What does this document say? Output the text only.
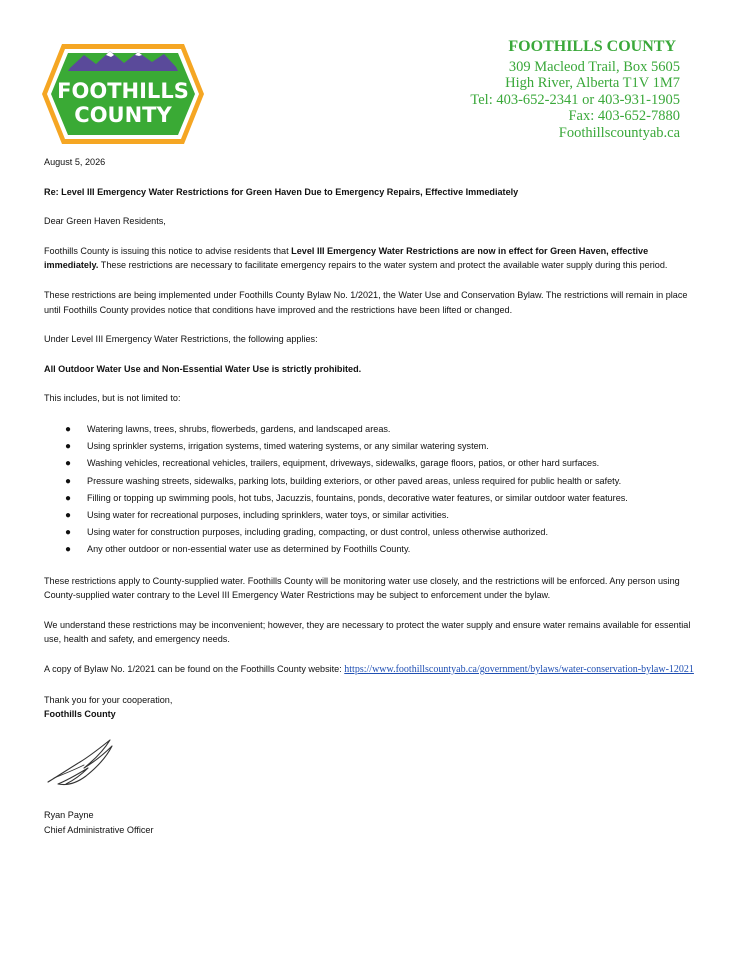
FOOTHILLS
COUNTY
FOOTHILLS COUNTY
309 Macleod Trail, Box 5605
High River, Alberta T1V 1M7
Tel: 403-652-2341 or 403-931-1905
Fax: 403-652-7880
Foothillscountyab.ca

August 5, 2026

Re: Level III Emergency Water Restrictions for Green Haven Due to Emergency Repairs, Effective Immediately

Dear Green Haven Residents,

Foothills County is issuing this notice to advise residents that Level III Emergency Water Restrictions are now in effect for Green Haven, effective immediately. These restrictions are necessary to facilitate emergency repairs to the water system and protect the available water supply during this period.

These restrictions are being implemented under Foothills County Bylaw No. 1/2021, the Water Use and Conservation Bylaw. The restrictions will remain in place until Foothills County provides notice that conditions have improved and the restrictions have been lifted or changed.

Under Level III Emergency Water Restrictions, the following applies:

All Outdoor Water Use and Non-Essential Water Use is strictly prohibited.

This includes, but is not limited to:

● Watering lawns, trees, shrubs, flowerbeds, gardens, and landscaped areas.
● Using sprinkler systems, irrigation systems, timed watering systems, or any similar watering system.
● Washing vehicles, recreational vehicles, trailers, equipment, driveways, sidewalks, garage floors, patios, or other hard surfaces.
● Pressure washing streets, sidewalks, parking lots, building exteriors, or other paved areas, unless required for public health or safety.
● Filling or topping up swimming pools, hot tubs, Jacuzzis, fountains, ponds, decorative water features, or similar outdoor water features.
● Using water for recreational purposes, including sprinklers, water toys, or similar activities.
● Using water for construction purposes, including grading, compacting, or dust control, unless otherwise authorized.
● Any other outdoor or non-essential water use as determined by Foothills County.

These restrictions apply to County-supplied water. Foothills County will be monitoring water use closely, and the restrictions will be enforced. Any person using County-supplied water contrary to the Level III Emergency Water Restrictions may be subject to enforcement under the bylaw.

We understand these restrictions may be inconvenient; however, they are necessary to protect the water supply and ensure water remains available for essential use, health and safety, and emergency needs.

A copy of Bylaw No. 1/2021 can be found on the Foothills County website: https://www.foothillscountyab.ca/government/bylaws/water-conservation-bylaw-12021

Thank you for your cooperation,

Foothills County

Ryan Payne

Chief Administrative Officer
